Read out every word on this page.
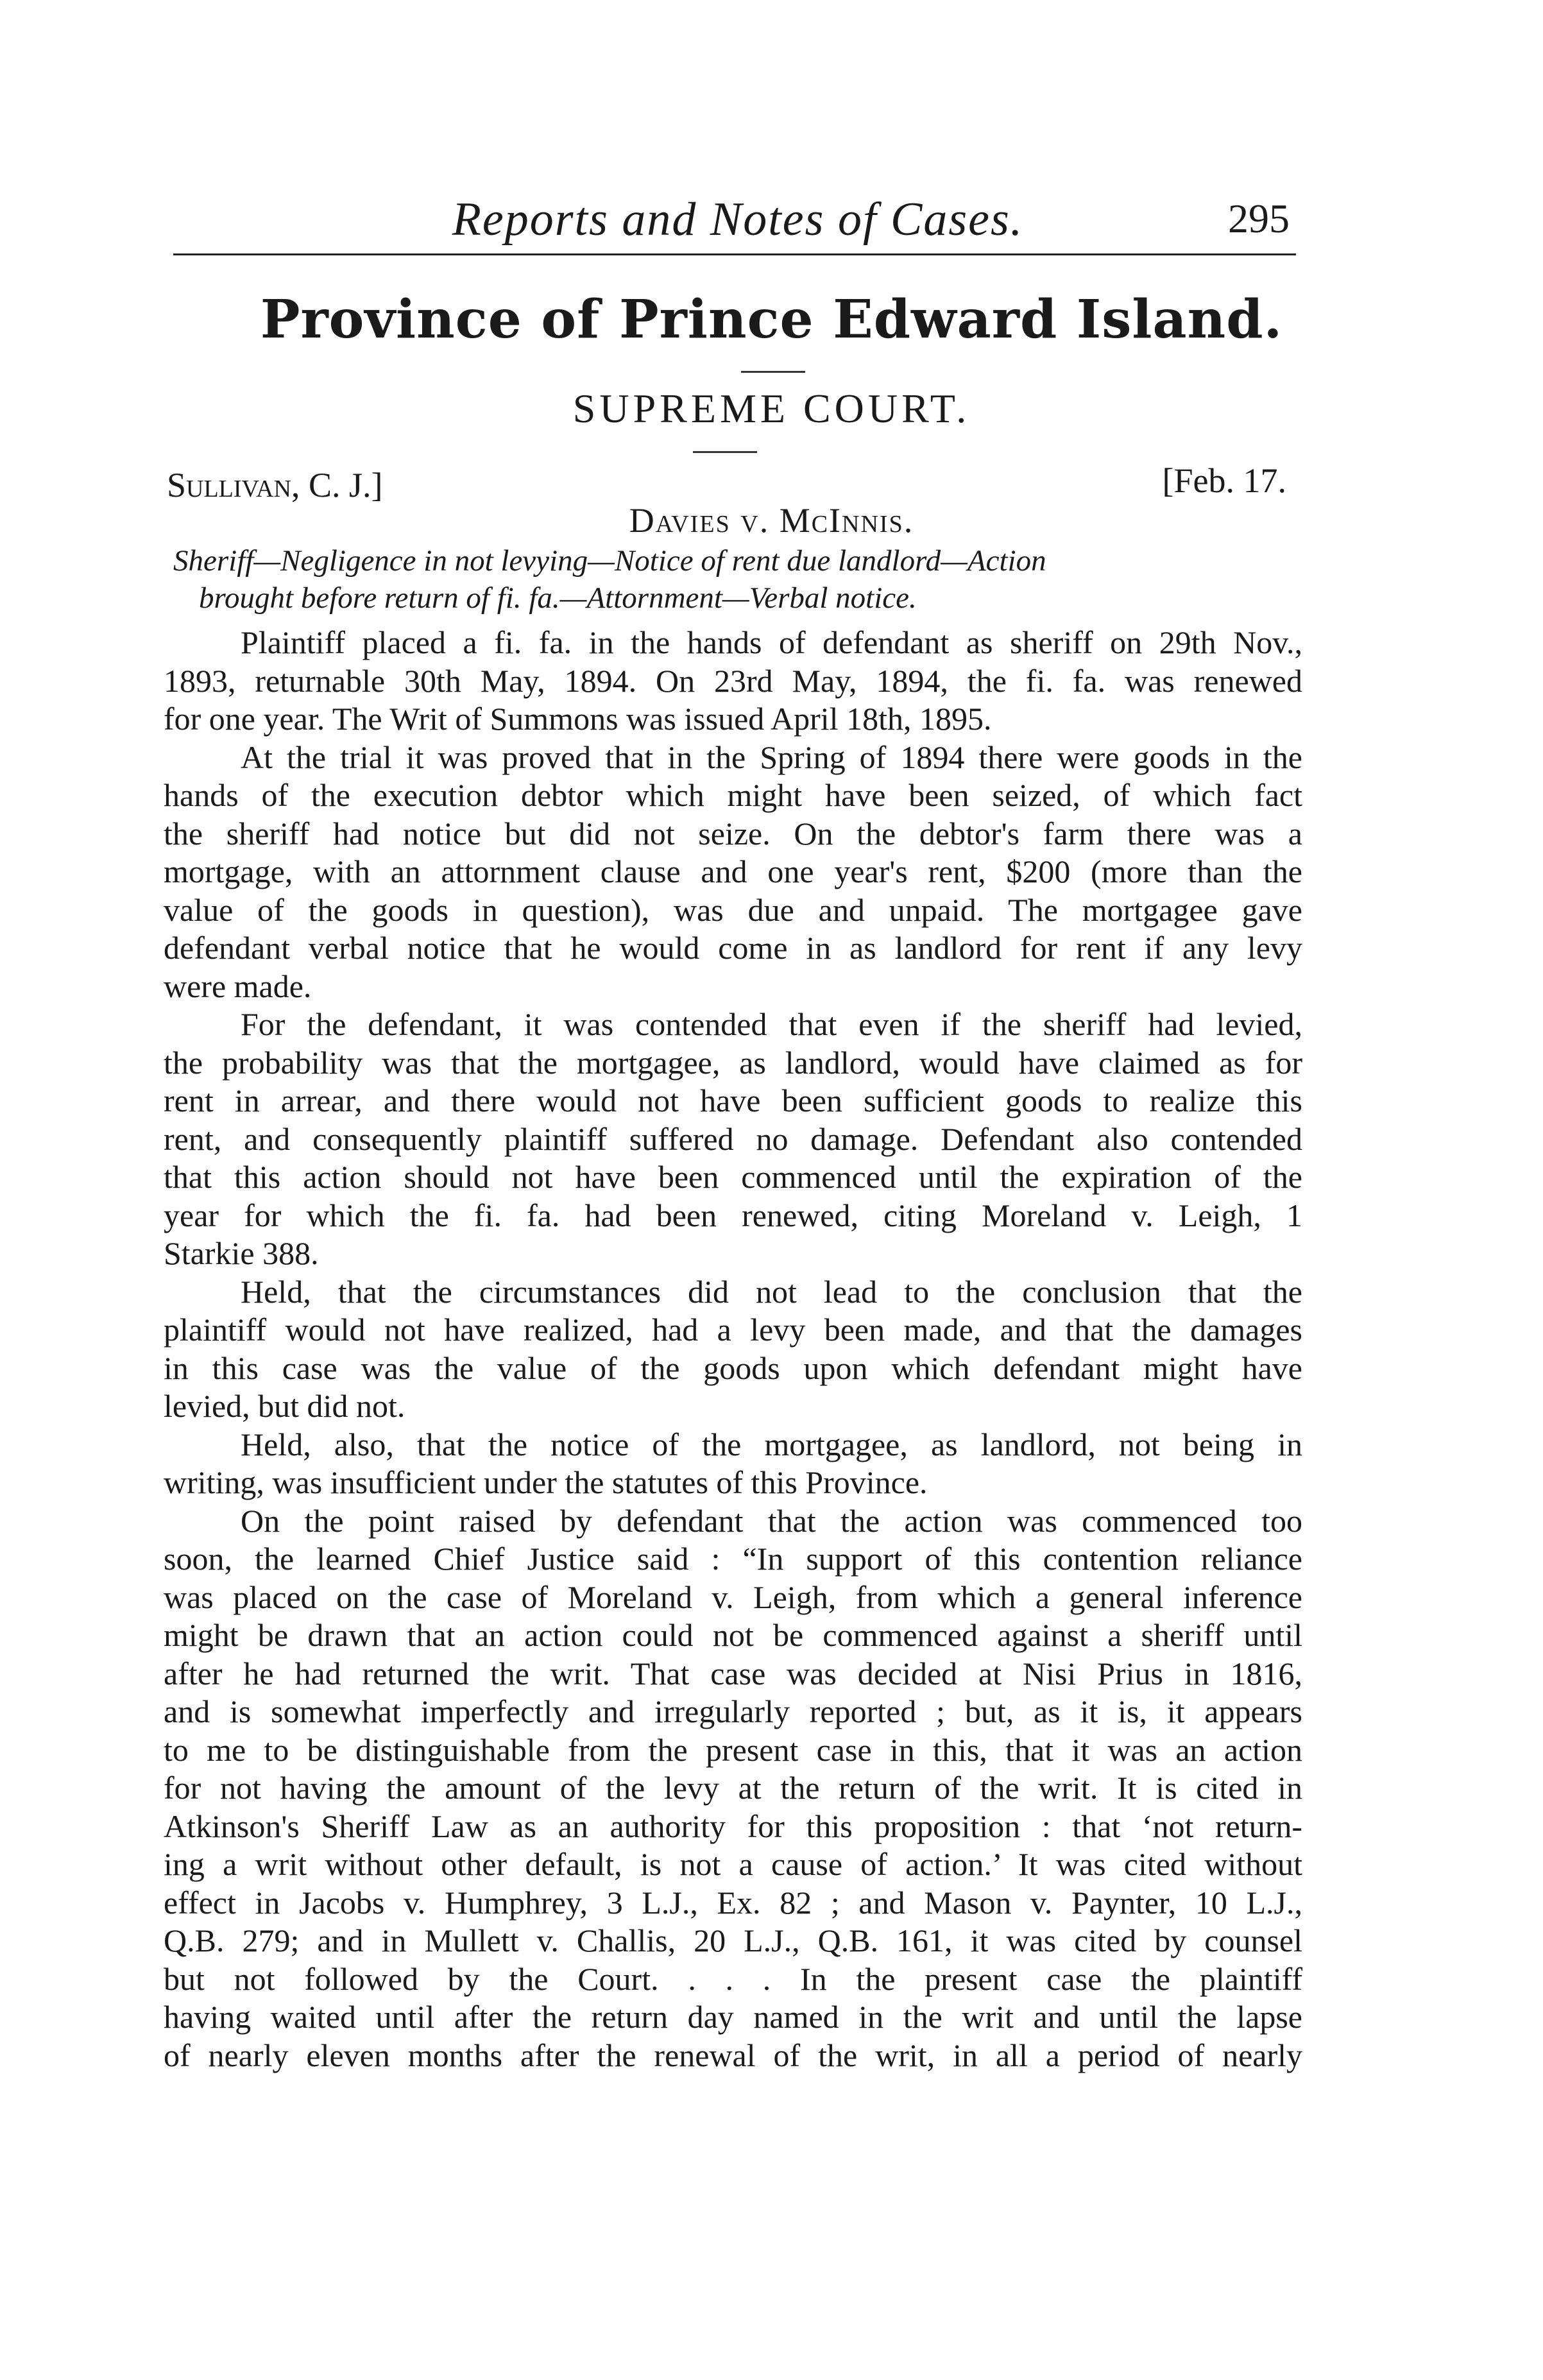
Reports and Notes of Cases.	295
Province of Prince Edward Island.
SUPREME COURT.
Sullivan, C. J.]	[Feb. 17.
Davies v. McInnis.
Sheriff—Negligence in not levying—Notice of rent due landlord—Action
brought before return of fi. fa.—Attornment—Verbal notice.
Plaintiff placed a fi. fa. in the hands of defendant as sheriff on 29th Nov.,
1893, returnable 30th May, 1894. On 23rd May, 1894, the fi. fa. was renewed
for one year. The Writ of Summons was issued April 18th, 1895.
At the trial it was proved that in the Spring of 1894 there were goods in the
hands of the execution debtor which might have been seized, of which fact
the sheriff had notice but did not seize. On the debtor's farm there was a
mortgage, with an attornment clause and one year's rent, $200 (more than the
value of the goods in question), was due and unpaid. The mortgagee gave
defendant verbal notice that he would come in as landlord for rent if any levy
were made.
For the defendant, it was contended that even if the sheriff had levied,
the probability was that the mortgagee, as landlord, would have claimed as for
rent in arrear, and there would not have been sufficient goods to realize this
rent, and consequently plaintiff suffered no damage. Defendant also contended
that this action should not have been commenced until the expiration of the
year for which the fi. fa. had been renewed, citing Moreland v. Leigh, 1
Starkie 388.
Held, that the circumstances did not lead to the conclusion that the
plaintiff would not have realized, had a levy been made, and that the damages
in this case was the value of the goods upon which defendant might have
levied, but did not.
Held, also, that the notice of the mortgagee, as landlord, not being in
writing, was insufficient under the statutes of this Province.
On the point raised by defendant that the action was commenced too
soon, the learned Chief Justice said : “In support of this contention reliance
was placed on the case of Moreland v. Leigh, from which a general inference
might be drawn that an action could not be commenced against a sheriff until
after he had returned the writ. That case was decided at Nisi Prius in 1816,
and is somewhat imperfectly and irregularly reported ; but, as it is, it appears
to me to be distinguishable from the present case in this, that it was an action
for not having the amount of the levy at the return of the writ. It is cited in
Atkinson's Sheriff Law as an authority for this proposition : that ‘not return-
ing a writ without other default, is not a cause of action.’ It was cited without
effect in Jacobs v. Humphrey, 3 L.J., Ex. 82 ; and Mason v. Paynter, 10 L.J.,
Q.B. 279; and in Mullett v. Challis, 20 L.J., Q.B. 161, it was cited by counsel
but not followed by the Court. . . . In the present case the plaintiff
having waited until after the return day named in the writ and until the lapse
of nearly eleven months after the renewal of the writ, in all a period of nearly
